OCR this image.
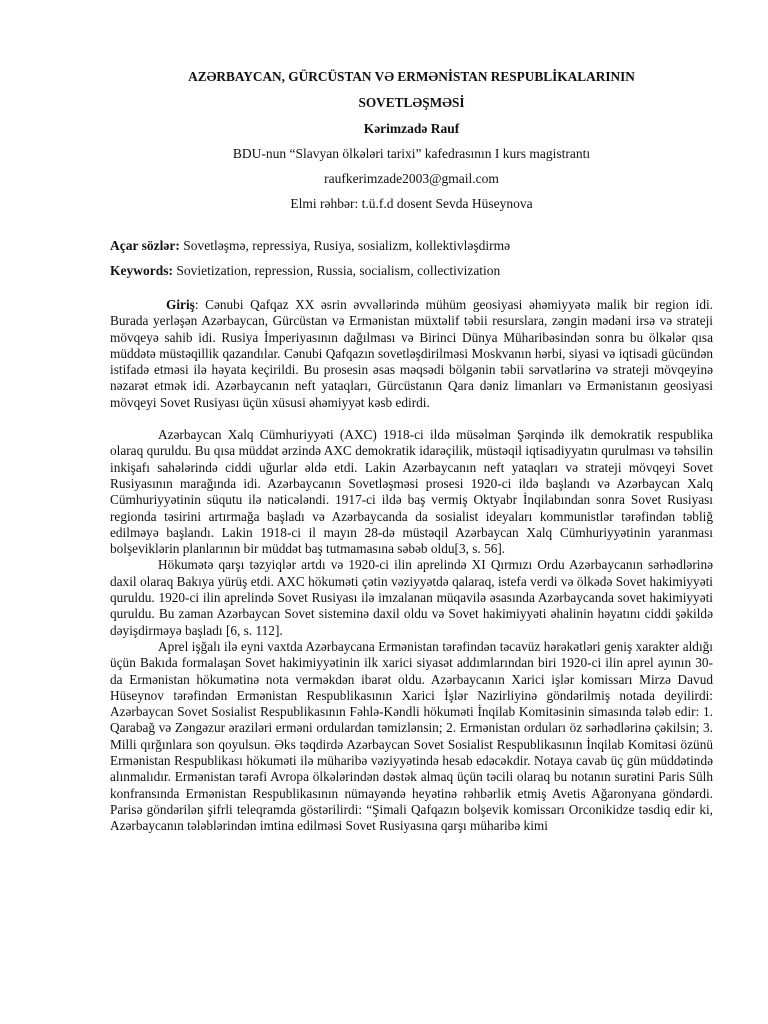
AZƏRBAYCAN, GÜRCÜSTAN VƏ ERMƏNİSTAN RESPUBLİKALARININ
SOVETLƏŞMƏSİ
Kərimzadə Rauf
BDU-nun “Slavyan ölkələri tarixi” kafedrasının I kurs magistrantı
raufkerimzade2003@gmail.com
Elmi rəhbər: t.ü.f.d dosent Sevda Hüseynova
Açar sözlər: Sovetləşmə, repressiya, Rusiya, sosializm, kollektivləşdirmə
Keywords: Sovietization, repression, Russia, socialism, collectivization

Giriş: Cənubi Qafqaz XX əsrin əvvəllərində mühüm geosiyasi əhəmiyyətə malik bir region idi. Burada yerləşən Azərbaycan, Gürcüstan və Ermənistan müxtəlif təbii resurslara, zəngin mədəni irsə və strateji mövqeyə sahib idi. Rusiya İmperiyasının dağılması və Birinci Dünya Müharibəsindən sonra bu ölkələr qısa müddətə müstəqillik qazandılar. Cənubi Qafqazın sovetləşdirilməsi Moskvanın hərbi, siyasi və iqtisadi gücündən istifadə etməsi ilə həyata keçirildi. Bu prosesin əsas məqsədi bölgənin təbii sərvətlərinə və strateji mövqeyinə nəzarət etmək idi. Azərbaycanın neft yataqları, Gürcüstanın Qara dəniz limanları və Ermənistanın geosiyasi mövqeyi Sovet Rusiyası üçün xüsusi əhəmiyyət kəsb edirdi.

Azərbaycan Xalq Cümhuriyyəti (AXC) 1918-ci ildə müsəlman Şərqində ilk demokratik respublika olaraq quruldu. Bu qısa müddət ərzində AXC demokratik idarəçilik, müstəqil iqtisadiyyatın qurulması və təhsilin inkişafı sahələrində ciddi uğurlar əldə etdi. Lakin Azərbaycanın neft yataqları və strateji mövqeyi Sovet Rusiyasının marağında idi. Azərbaycanın Sovetləşməsi prosesi 1920-ci ildə başlandı və Azərbaycan Xalq Cümhuriyyətinin süqutu ilə nəticələndi. 1917-ci ildə baş vermiş Oktyabr İnqilabından sonra Sovet Rusiyası regionda təsirini artırmağa başladı və Azərbaycanda da sosialist ideyaları kommunistlər tərəfindən təbliğ edilməyə başlandı. Lakin 1918-ci il mayın 28-də müstəqil Azərbaycan Xalq Cümhuriyyətinin yaranması bolşeviklərin planlarının bir müddət baş tutmamasına səbəb oldu[3, s. 56].

Hökumətə qarşı təzyiqlər artdı və 1920-ci ilin aprelində XI Qırmızı Ordu Azərbaycanın sərhədlərinə daxil olaraq Bakıya yürüş etdi. AXC hökuməti çətin vəziyyətdə qalaraq, istefa verdi və ölkədə Sovet hakimiyyəti quruldu. 1920-ci ilin aprelində Sovet Rusiyası ilə imzalanan müqavilə əsasında Azərbaycanda sovet hakimiyyəti quruldu. Bu zaman Azərbaycan Sovet sisteminə daxil oldu və Sovet hakimiyyəti əhalinin həyatını ciddi şəkildə dəyişdirməyə başladı [6, s. 112].

Aprel işğalı ilə eyni vaxtda Azərbaycana Ermənistan tərəfindən təcavüz hərəkətləri geniş xarakter aldığı üçün Bakıda formalaşan Sovet hakimiyyətinin ilk xarici siyasət addımlarından biri 1920-ci ilin aprel ayının 30-da Ermənistan hökumətinə nota verməkdən ibarət oldu. Azərbaycanın Xarici işlər komissarı Mirzə Davud Hüseynov tərəfindən Ermənistan Respublikasının Xarici İşlər Nazirliyinə göndərilmiş notada deyilirdi: Azərbaycan Sovet Sosialist Respublikasının Fəhlə-Kəndli hökuməti İnqilab Komitəsinin simasında tələb edir: 1. Qarabağ və Zəngəzur əraziləri erməni ordulardan təmizlənsin; 2. Ermənistan orduları öz sərhədlərinə çəkilsin; 3. Milli qırğınlara son qoyulsun. Əks təqdirdə Azərbaycan Sovet Sosialist Respublikasının İnqilab Komitəsi özünü Ermənistan Respublikası hökuməti ilə müharibə vəziyyətində hesab edəcəkdir. Notaya cavab üç gün müddətində alınmalıdır. Ermənistan tərəfi Avropa ölkələrindən dəstək almaq üçün təcili olaraq bu notanın surətini Paris Sülh konfransında Ermənistan Respublikasının nümayəndə heyətinə rəhbərlik etmiş Avetis Ağaronyana göndərdi. Parisə göndərilən şifrli teleqramda göstərilirdi: “Şimali Qafqazın bolşevik komissarı Orconikidze təsdiq edir ki, Azərbaycanın tələblərindən imtina edilməsi Sovet Rusiyasına qarşı müharibə kimi
